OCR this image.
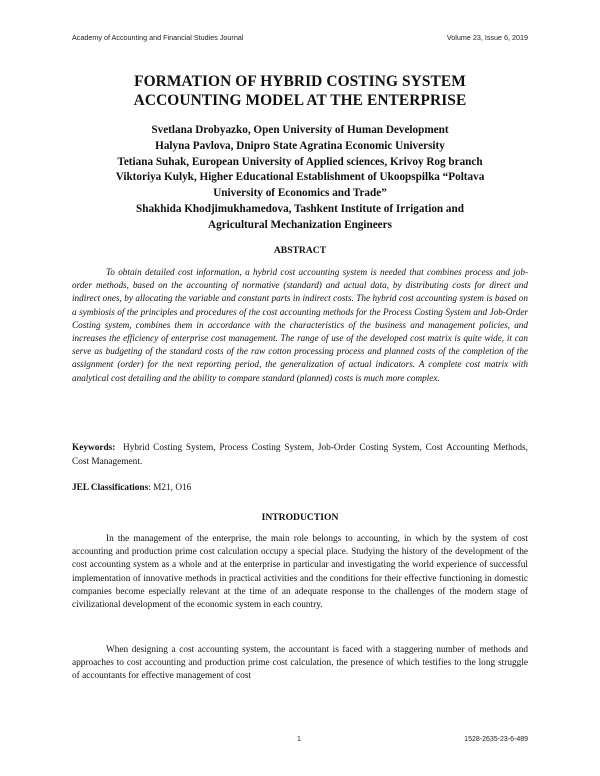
Academy of Accounting and Financial Studies Journal	Volume 23, Issue 6, 2019
FORMATION OF HYBRID COSTING SYSTEM
ACCOUNTING MODEL AT THE ENTERPRISE
Svetlana Drobyazko, Open University of Human Development
Halyna Pavlova, Dnipro State Agratina Economic University
Tetiana Suhak, European University of Applied sciences, Krivoy Rog branch
Viktoriya Kulyk, Higher Educational Establishment of Ukoopspilka “Poltava
University of Economics and Trade”
Shakhida Khodjimukhamedova, Tashkent Institute of Irrigation and
Agricultural Mechanization Engineers
ABSTRACT

To obtain detailed cost information, a hybrid cost accounting system is needed that combines process and job-order methods, based on the accounting of normative (standard) and actual data, by distributing costs for direct and indirect ones, by allocating the variable and constant parts in indirect costs. The hybrid cost accounting system is based on a symbiosis of the principles and procedures of the cost accounting methods for the Process Costing System and Job-Order Costing system, combines them in accordance with the characteristics of the business and management policies, and increases the efficiency of enterprise cost management. The range of use of the developed cost matrix is quite wide, it can serve as budgeting of the standard costs of the raw cotton processing process and planned costs of the completion of the assignment (order) for the next reporting period, the generalization of actual indicators. A complete cost matrix with analytical cost detailing and the ability to compare standard (planned) costs is much more complex.

Keywords: Hybrid Costing System, Process Costing System, Job-Order Costing System, Cost Accounting Methods, Cost Management.

JEL Classifications: M21, O16

INTRODUCTION

In the management of the enterprise, the main role belongs to accounting, in which by the system of cost accounting and production prime cost calculation occupy a special place. Studying the history of the development of the cost accounting system as a whole and at the enterprise in particular and investigating the world experience of successful implementation of innovative methods in practical activities and the conditions for their effective functioning in domestic companies become especially relevant at the time of an adequate response to the challenges of the modern stage of civilizational development of the economic system in each country.

When designing a cost accounting system, the accountant is faced with a staggering number of methods and approaches to cost accounting and production prime cost calculation, the presence of which testifies to the long struggle of accountants for effective management of cost

1	1528-2635-23-6-489
